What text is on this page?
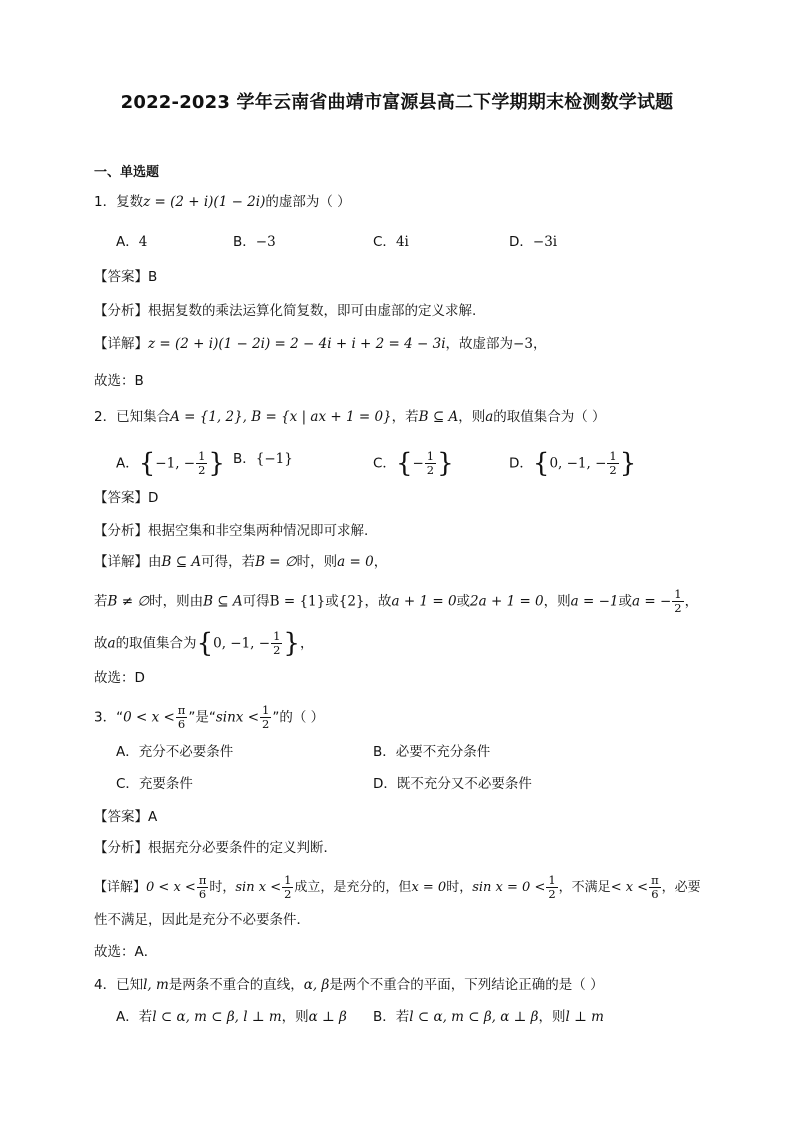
2022-2023 学年云南省曲靖市富源县高二下学期期末检测数学试题
一、单选题
1．复数z = (2 + i)(1 − 2i)的虚部为（ ）
A．4	B．−3	C．4i	D．−3i
【答案】B
【分析】根据复数的乘法运算化简复数，即可由虚部的定义求解.
【详解】z = (2 + i)(1 − 2i) = 2 − 4i + i + 2 = 4 − 3i，故虚部为−3，
故选：B
2．已知集合A = {1, 2}, B = {x | ax + 1 = 0}，若B ⊆ A，则a的取值集合为（ ）
A．{−1, − $\frac{1}{2}$ } B．{−1}	C．{− $\frac{1}{2}$ }	D．{0, −1, − $\frac{1}{2}$ }
【答案】D
【分析】根据空集和非空集两种情况即可求解.
【详解】由B ⊆ A可得，若B = ∅时，则a = 0，
若B ≠ ∅时，则由B ⊆ A可得B = {1}或{2}，故a + 1 = 0或2a + 1 = 0，则a = −1或a = − $\frac{1}{2}$ ，
故a的取值集合为{0, −1, − $\frac{1}{2}$ }，
故选：D
3．“$0 < x < \frac{\pi}{6}$ ”是“$\sin x < \frac{1}{2}$ ”的（ ）
A．充分不必要条件	B．必要不充分条件
C．充要条件	D．既不充分又不必要条件
【答案】A
【分析】根据充分必要条件的定义判断．
【详解】$0 < x < \frac{\pi}{6}$ 时，$\sin x < \frac{1}{2}$ 成立，是充分的，但x = 0时，$\sin x = 0 < \frac{1}{2}$ ，不满足< $x < \frac{\pi}{6}$ ，必要
性不满足，因此是充分不必要条件．
故选：A．
4．已知l, m是两条不重合的直线，α, β是两个不重合的平面，下列结论正确的是（ ）
A．若l ⊂ α, m ⊂ β, l ⊥ m，则α ⊥ β B．若l ⊂ α, m ⊂ β, α ⊥ β，则l ⊥ m
